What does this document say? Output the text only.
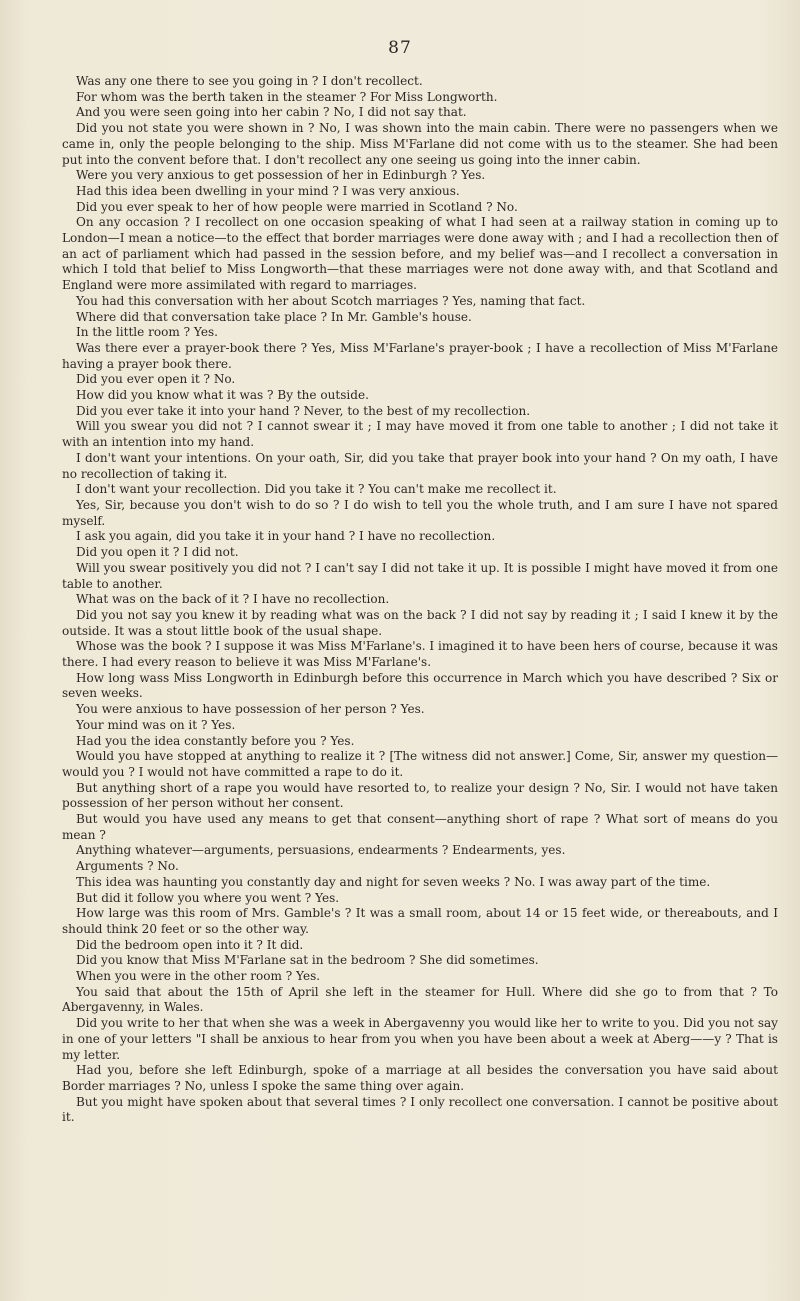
87

Was any one there to see you going in ? I don't recollect.

For whom was the berth taken in the steamer ? For Miss Longworth.

And you were seen going into her cabin ? No, I did not say that.

Did you not state you were shown in ? No, I was shown into the main cabin. There were no passengers when we came in, only the people belonging to the ship. Miss M'Farlane did not come with us to the steamer. She had been put into the convent before that. I don't recollect any one seeing us going into the inner cabin.

Were you very anxious to get possession of her in Edinburgh ? Yes.

Had this idea been dwelling in your mind ? I was very anxious.

Did you ever speak to her of how people were married in Scotland ? No.

On any occasion ? I recollect on one occasion speaking of what I had seen at a railway station in coming up to London—I mean a notice—to the effect that border marriages were done away with ; and I had a recollection then of an act of parliament which had passed in the session before, and my belief was—and I recollect a conversation in which I told that belief to Miss Longworth—that these marriages were not done away with, and that Scotland and England were more assimilated with regard to marriages.

You had this conversation with her about Scotch marriages ? Yes, naming that fact.

Where did that conversation take place ? In Mr. Gamble's house.

In the little room ? Yes.

Was there ever a prayer-book there ? Yes, Miss M'Farlane's prayer-book ; I have a recollection of Miss M'Farlane having a prayer book there.

Did you ever open it ? No.

How did you know what it was ? By the outside.

Did you ever take it into your hand ? Never, to the best of my recollection.

Will you swear you did not ? I cannot swear it ; I may have moved it from one table to another ; I did not take it with an intention into my hand.

I don't want your intentions. On your oath, Sir, did you take that prayer book into your hand ? On my oath, I have no recollection of taking it.

I don't want your recollection. Did you take it ? You can't make me recollect it.

Yes, Sir, because you don't wish to do so ? I do wish to tell you the whole truth, and I am sure I have not spared myself.

I ask you again, did you take it in your hand ? I have no recollection.

Did you open it ? I did not.

Will you swear positively you did not ? I can't say I did not take it up. It is possible I might have moved it from one table to another.

What was on the back of it ? I have no recollection.

Did you not say you knew it by reading what was on the back ? I did not say by reading it ; I said I knew it by the outside. It was a stout little book of the usual shape.

Whose was the book ? I suppose it was Miss M'Farlane's. I imagined it to have been hers of course, because it was there. I had every reason to believe it was Miss M'Farlane's.

How long wass Miss Longworth in Edinburgh before this occurrence in March which you have described ? Six or seven weeks.

You were anxious to have possession of her person ? Yes.

Your mind was on it ? Yes.

Had you the idea constantly before you ? Yes.

Would you have stopped at anything to realize it ? [The witness did not answer.] Come, Sir, answer my question—would you ? I would not have committed a rape to do it.

But anything short of a rape you would have resorted to, to realize your design ? No, Sir. I would not have taken possession of her person without her consent.

But would you have used any means to get that consent—anything short of rape ? What sort of means do you mean ?

Anything whatever—arguments, persuasions, endearments ? Endearments, yes.

Arguments ? No.

This idea was haunting you constantly day and night for seven weeks ? No. I was away part of the time.

But did it follow you where you went ? Yes.

How large was this room of Mrs. Gamble's ? It was a small room, about 14 or 15 feet wide, or thereabouts, and I should think 20 feet or so the other way.

Did the bedroom open into it ? It did.

Did you know that Miss M'Farlane sat in the bedroom ? She did sometimes.

When you were in the other room ? Yes.

You said that about the 15th of April she left in the steamer for Hull. Where did she go to from that ? To Abergavenny, in Wales.

Did you write to her that when she was a week in Abergavenny you would like her to write to you. Did you not say in one of your letters "I shall be anxious to hear from you when you have been about a week at Aberg——y ? That is my letter.

Had you, before she left Edinburgh, spoke of a marriage at all besides the conversation you have said about Border marriages ? No, unless I spoke the same thing over again.

But you might have spoken about that several times ? I only recollect one conversation. I cannot be positive about it.
